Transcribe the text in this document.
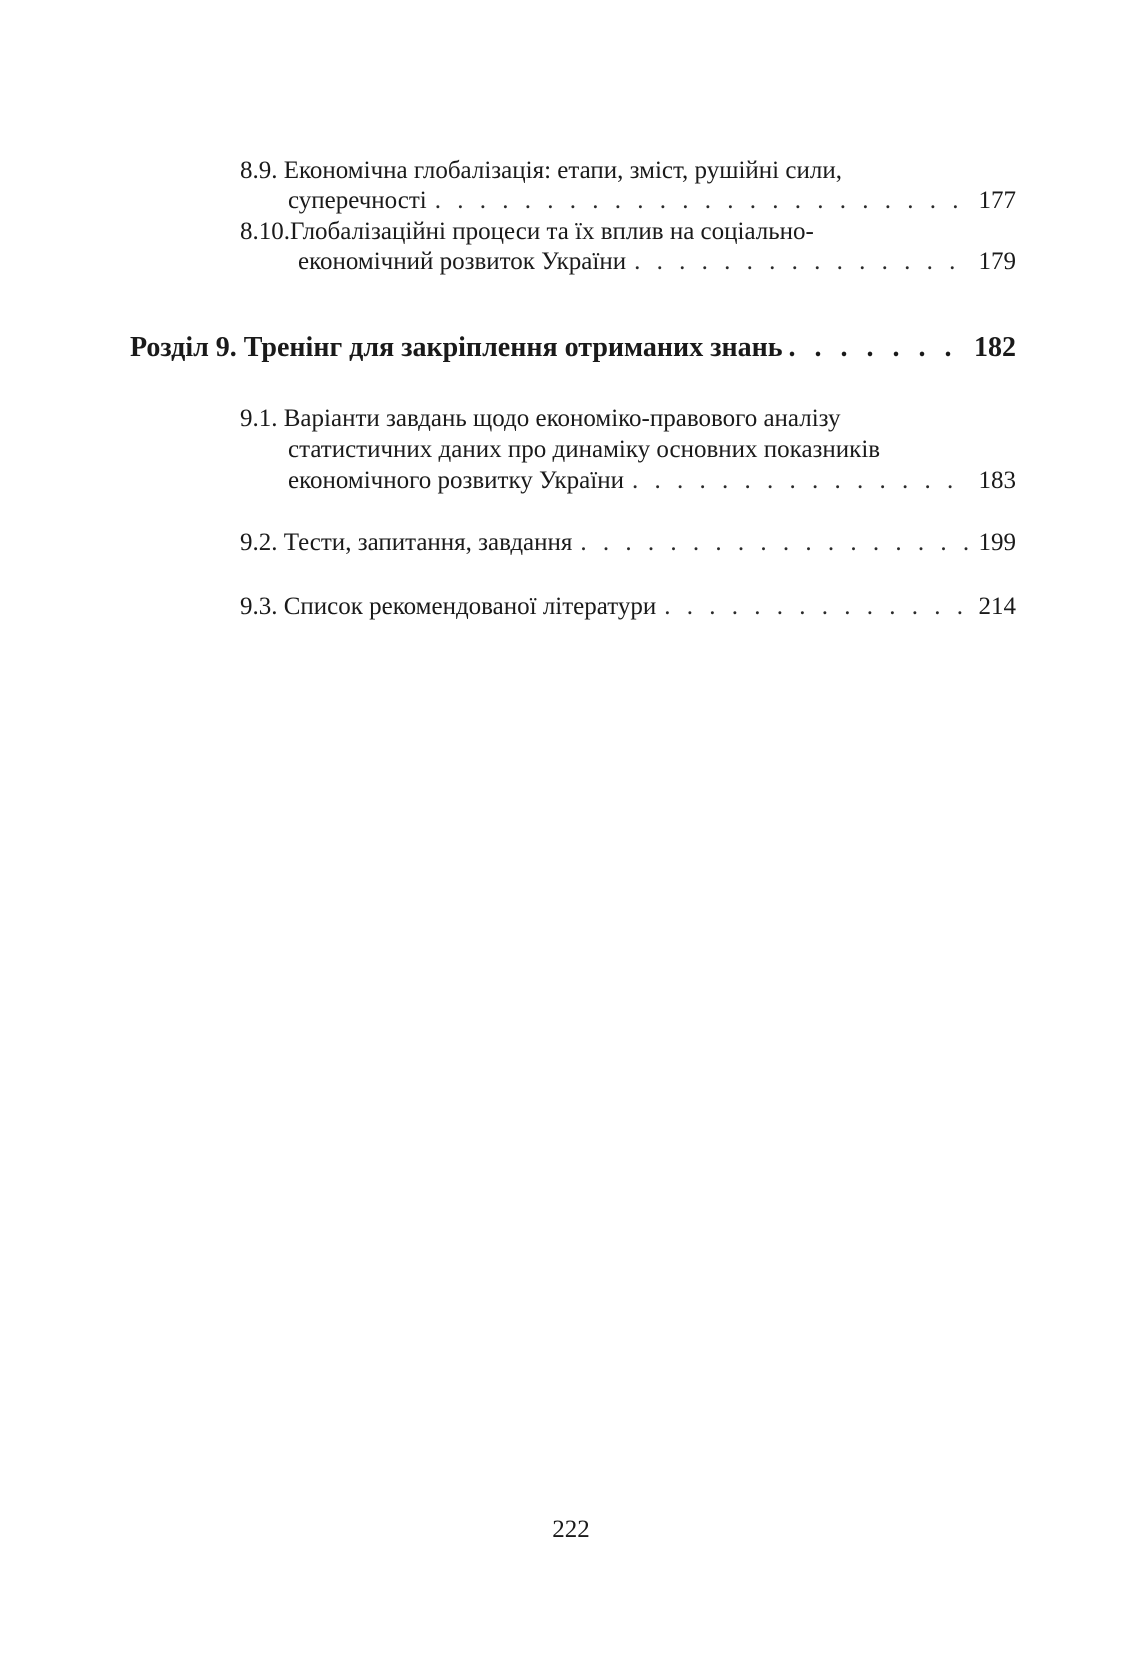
8.9. Економічна глобалізація: етапи, зміст, рушійні сили,
суперечності . . .	177
8.10.Глобалізаційні процеси та їх вплив на соціально-
економічний розвиток України . . .	179
Розділ 9. Тренінг для закріплення отриманих знань . . .	182
9.1. Варіанти завдань щодо економіко-правового аналізу
статистичних даних про динаміку основних показників
економічного розвитку України . . .	183
9.2. Тести, запитання, завдання . . .	199
9.3. Список рекомендованої літератури . . .	214
222
